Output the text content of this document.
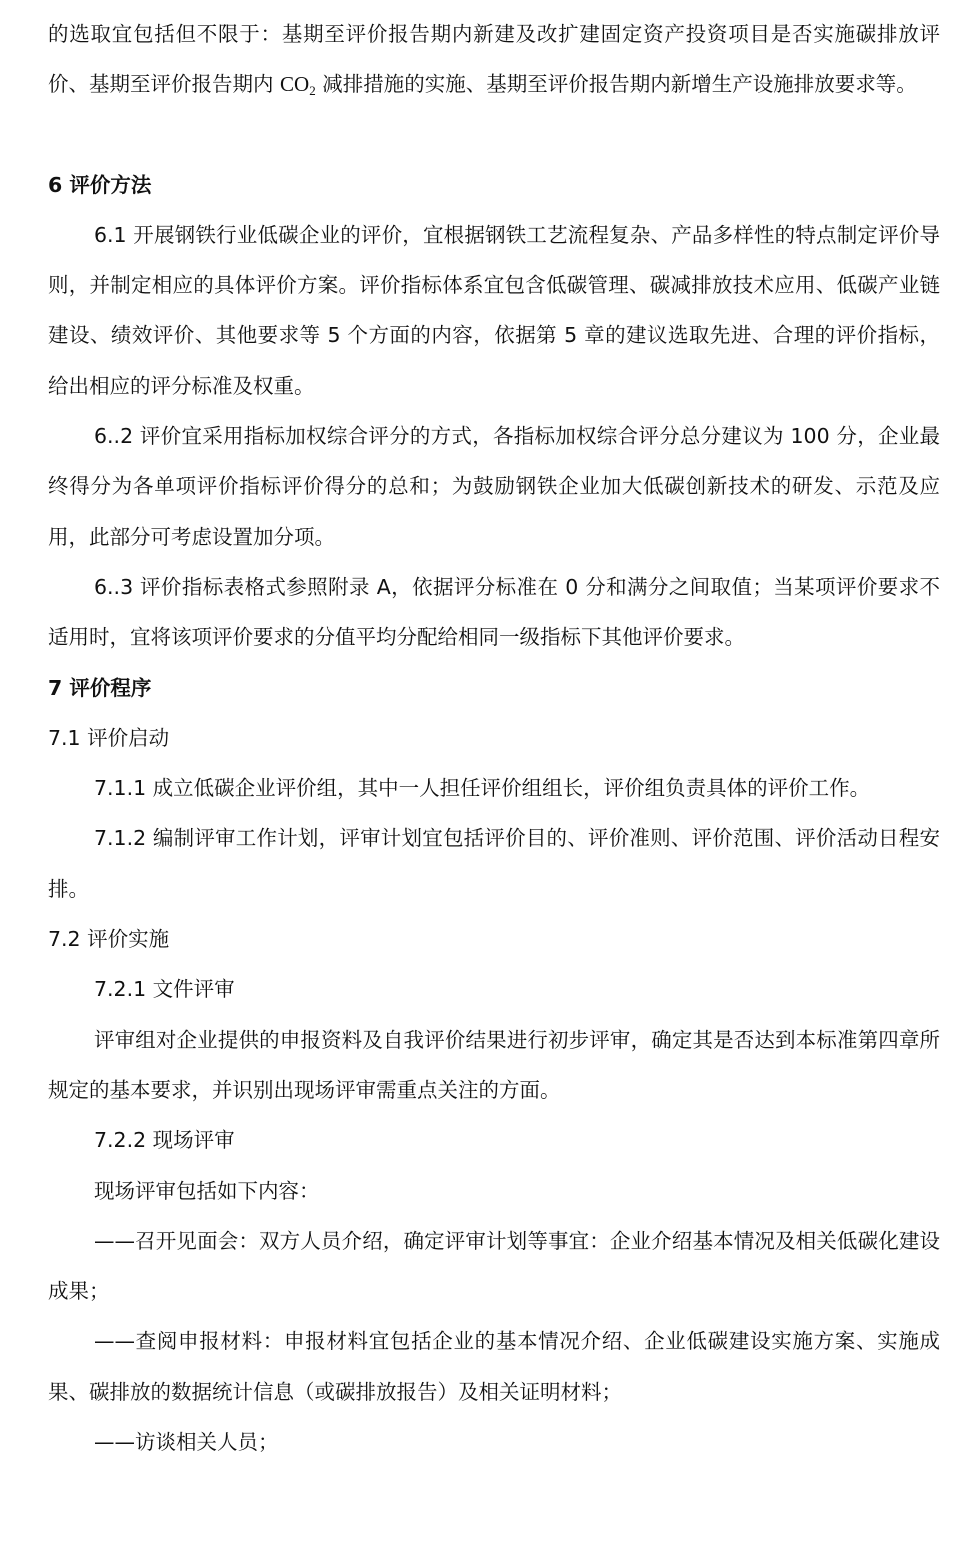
的选取宜包括但不限于：基期至评价报告期内新建及改扩建固定资产投资项目是否实施碳排放评价、基期至评价报告期内 $CO_2$ 减排措施的实施、基期至评价报告期内新增生产设施排放要求等。

6 评价方法

6.1 开展钢铁行业低碳企业的评价，宜根据钢铁工艺流程复杂、产品多样性的特点制定评价导则，并制定相应的具体评价方案。评价指标体系宜包含低碳管理、碳减排放技术应用、低碳产业链建设、绩效评价、其他要求等 5 个方面的内容，依据第 5 章的建议选取先进、合理的评价指标，给出相应的评分标准及权重。

6..2 评价宜采用指标加权综合评分的方式，各指标加权综合评分总分建议为 100 分，企业最终得分为各单项评价指标评价得分的总和；为鼓励钢铁企业加大低碳创新技术的研发、示范及应用，此部分可考虑设置加分项。

6..3 评价指标表格式参照附录 A，依据评分标准在 0 分和满分之间取值；当某项评价要求不适用时，宜将该项评价要求的分值平均分配给相同一级指标下其他评价要求。

7 评价程序

7.1 评价启动

7.1.1 成立低碳企业评价组，其中一人担任评价组组长，评价组负责具体的评价工作。

7.1.2 编制评审工作计划，评审计划宜包括评价目的、评价准则、评价范围、评价活动日程安排。

7.2 评价实施

7.2.1 文件评审

评审组对企业提供的申报资料及自我评价结果进行初步评审，确定其是否达到本标准第四章所规定的基本要求，并识别出现场评审需重点关注的方面。

7.2.2 现场评审

现场评审包括如下内容：

——召开见面会：双方人员介绍，确定评审计划等事宜：企业介绍基本情况及相关低碳化建设成果；

——查阅申报材料：申报材料宜包括企业的基本情况介绍、企业低碳建设实施方案、实施成果、碳排放的数据统计信息（或碳排放报告）及相关证明材料；

——访谈相关人员；
